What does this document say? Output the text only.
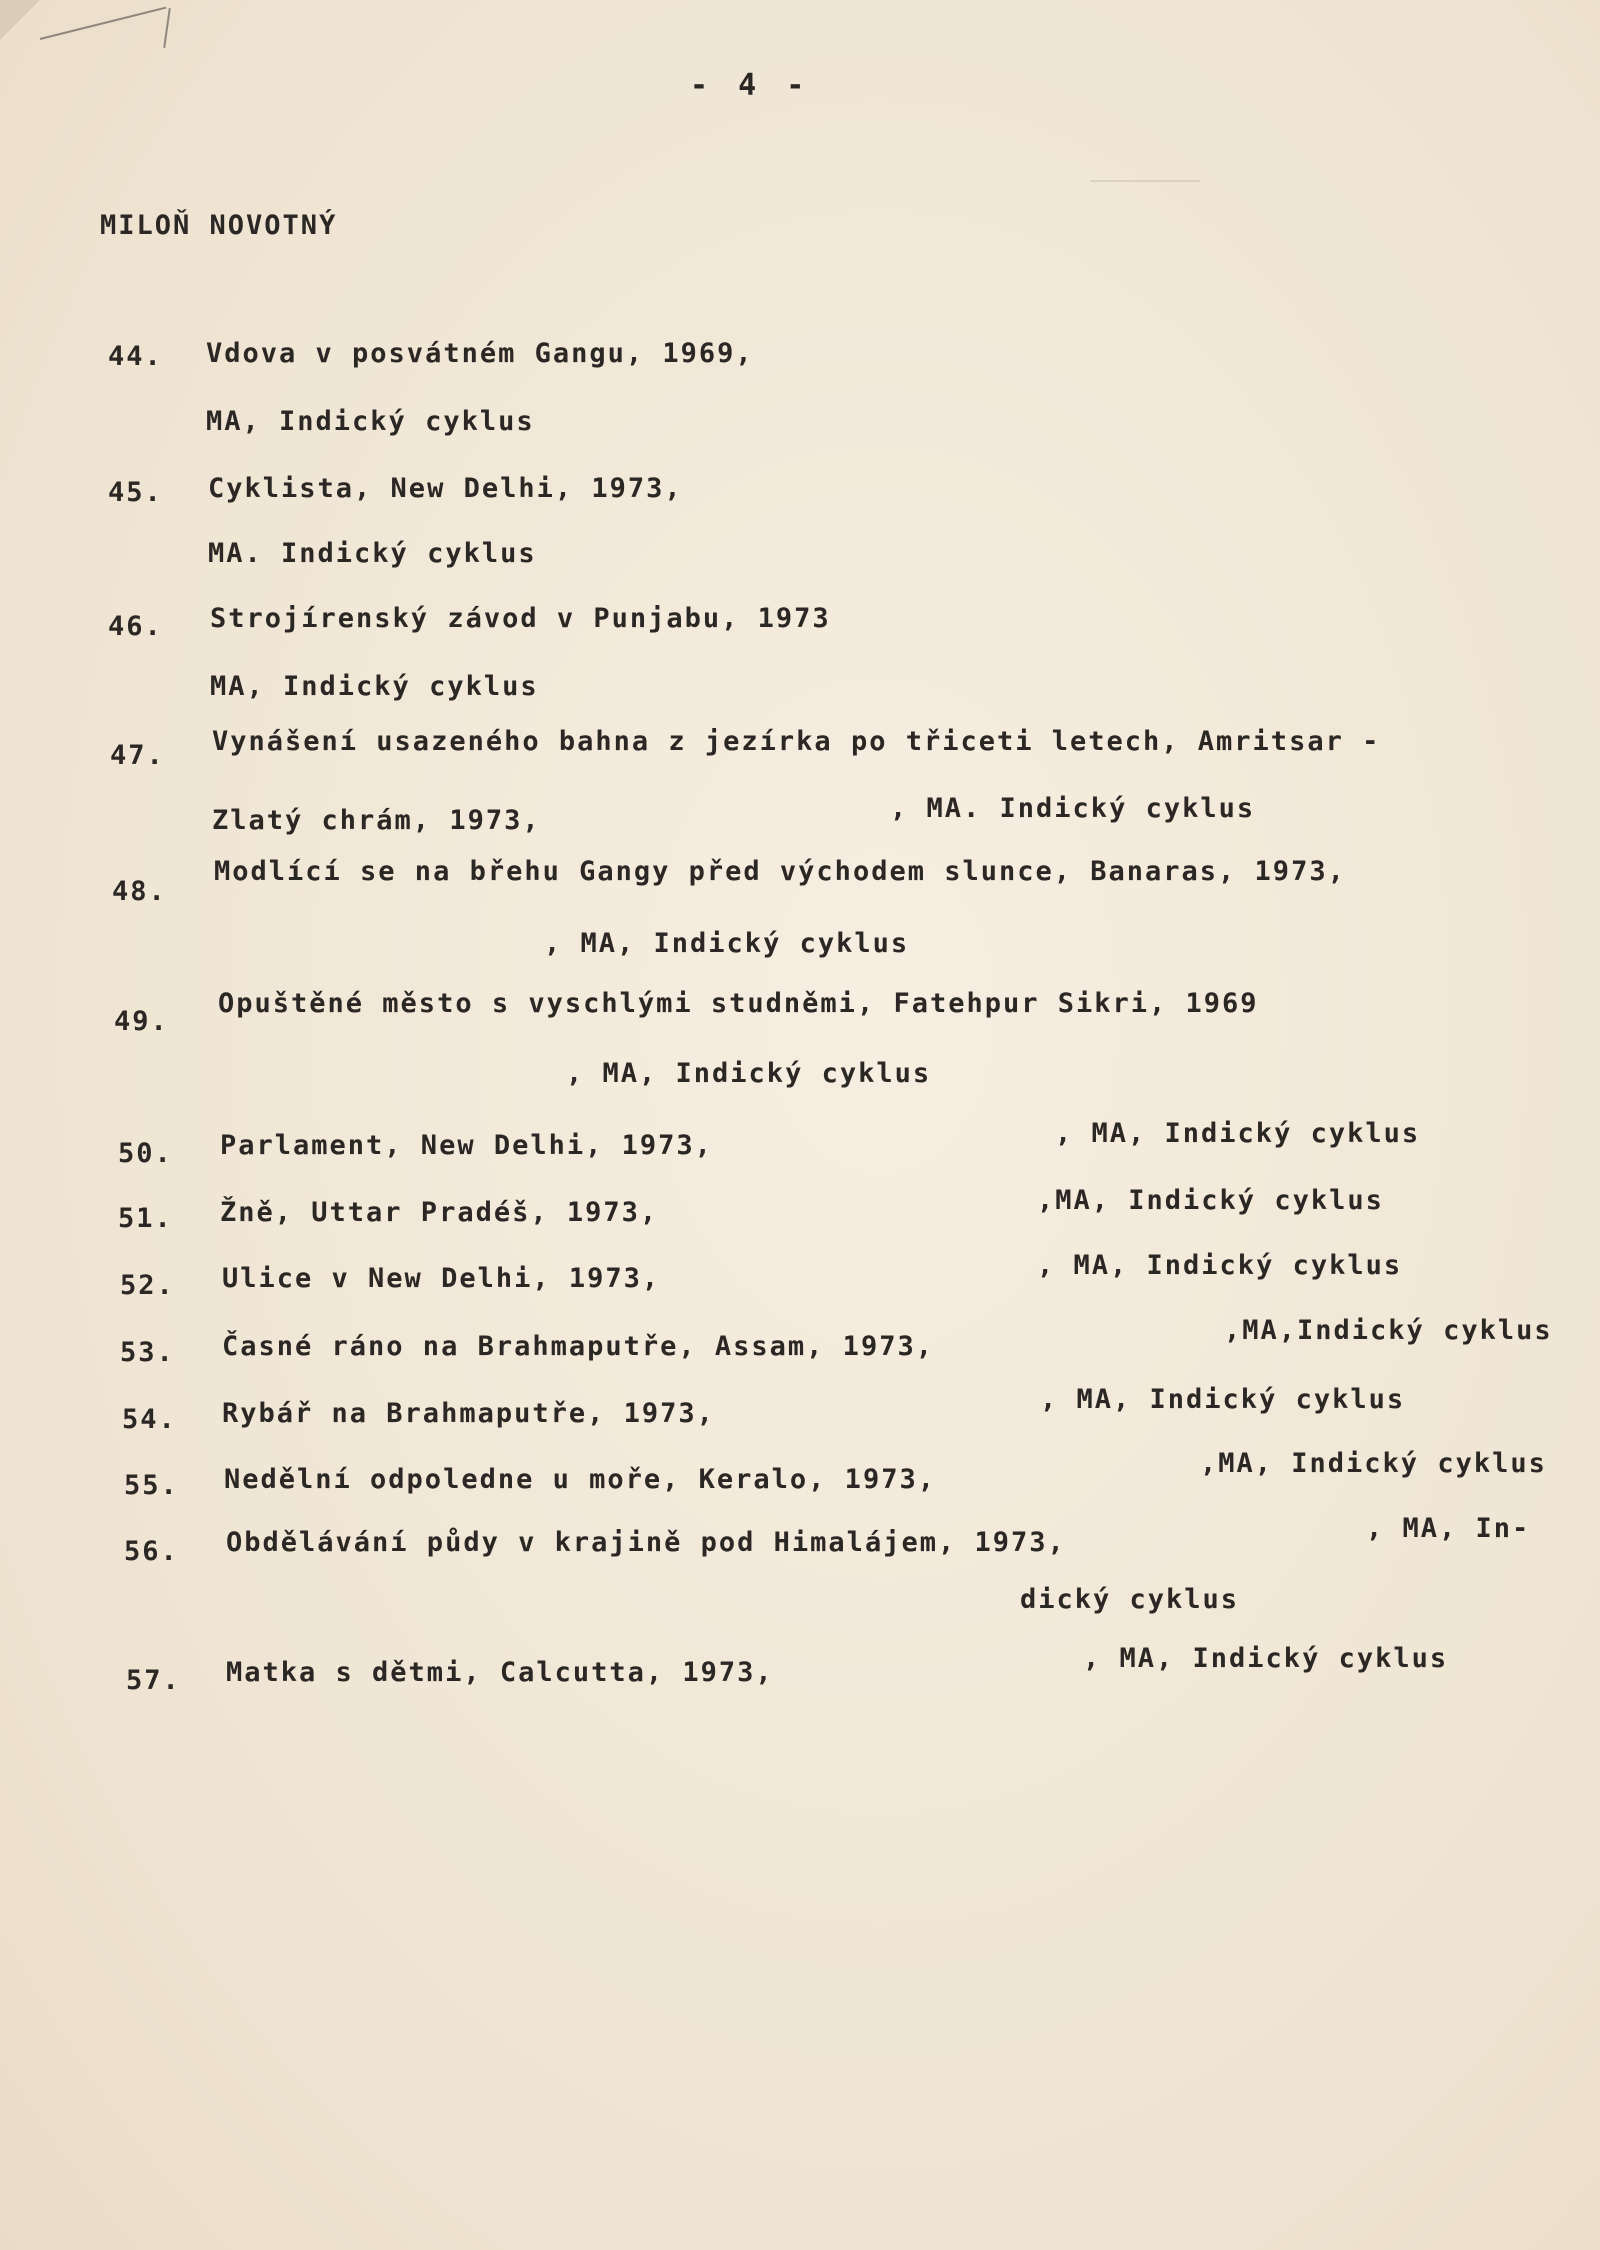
- 4 -
MILOŇ NOVOTNÝ
44. Vdova v posvátném Gangu, 1969,
MA, Indický cyklus
45. Cyklista, New Delhi, 1973,
MA. Indický cyklus
46. Strojírenský závod v Punjabu, 1973
MA, Indický cyklus
47. Vynášení usazeného bahna z jezírka po třiceti letech, Amritsar -
Zlatý chrám, 1973,	, MA. Indický cyklus
48.
Modlící se na břehu Gangy před východem slunce, Banaras, 1973,
, MA, Indický cyklus
49.
Opuštěné město s vyschlými studněmi, Fatehpur Sikri, 1969
, MA, Indický cyklus
50. Parlament, New Delhi, 1973,	, MA, Indický cyklus
51. Žně, Uttar Pradéš, 1973,	,MA, Indický cyklus
52. Ulice v New Delhi, 1973,	, MA, Indický cyklus
53. Časné ráno na Brahmaputře, Assam, 1973,
,MA,Indický cyklus
54. Rybář na Brahmaputře, 1973,	, MA, Indický cyklus
55. Nedělní odpoledne u moře, Keralo, 1973,
,MA, Indický cyklus
56. Obdělávání půdy v krajině pod Himalájem, 1973,	, MA, In-
dický cyklus
57. Matka s dětmi, Calcutta, 1973,	, MA, Indický cyklus
